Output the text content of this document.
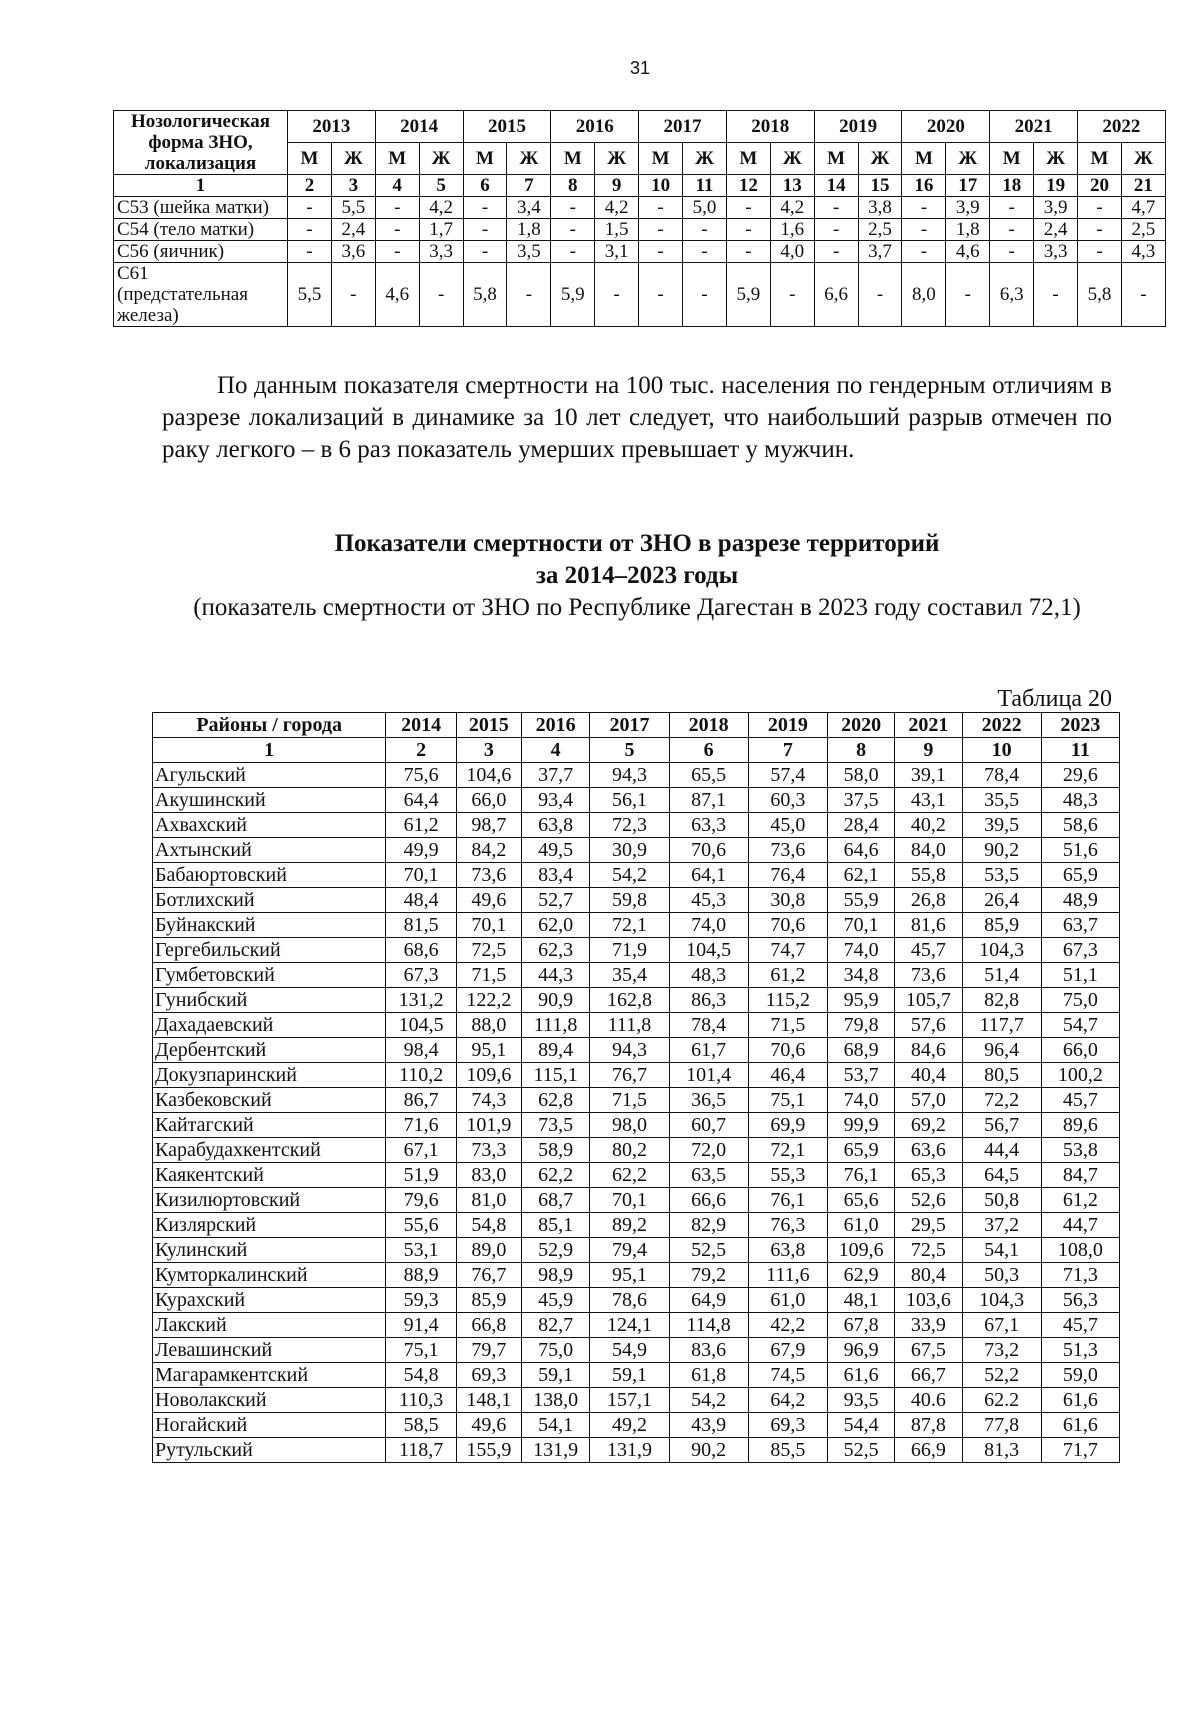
31
Нозологическая форма ЗНО, локализация	2013		2014		2015		2016		2017		2018		2019		2020		2021		2022	
	М	Ж	М	Ж	М	Ж	М	Ж	М	Ж	М	Ж	М	Ж	М	Ж	М	Ж	М	Ж
1	2	3	4	5	6	7	8	9	10	11	12	13	14	15	16	17	18	19	20	21
С53 (шейка матки)	-	5,5	-	4,2	-	3,4	-	4,2	-	5,0	-	4,2	-	3,8	-	3,9	-	3,9	-	4,7
С54 (тело матки)	-	2,4	-	1,7	-	1,8	-	1,5	-	-	-	1,6	-	2,5	-	1,8	-	2,4	-	2,5
С56 (яичник)	-	3,6	-	3,3	-	3,5	-	3,1	-	-	-	4,0	-	3,7	-	4,6	-	3,3	-	4,3
С61 (предстательная железа)	5,5	-	4,6	-	5,8	-	5,9	-	-	-	5,9	-	6,6	-	8,0	-	6,3	-	5,8	-
По данным показателя смертности на 100 тыс. населения по гендерным отличиям в разрезе локализаций в динамике за 10 лет следует, что наибольший разрыв отмечен по раку легкого – в 6 раз показатель умерших превышает у мужчин.
Показатели смертности от ЗНО в разрезе территорий
за 2014–2023 годы
(показатель смертности от ЗНО по Республике Дагестан в 2023 году составил 72,1)
Таблица 20
Районы / города	2014	2015	2016	2017	2018	2019	2020	2021	2022	2023
1	2	3	4	5	6	7	8	9	10	11
Агульский	75,6	104,6	37,7	94,3	65,5	57,4	58,0	39,1	78,4	29,6
Акушинский	64,4	66,0	93,4	56,1	87,1	60,3	37,5	43,1	35,5	48,3
Ахвахский	61,2	98,7	63,8	72,3	63,3	45,0	28,4	40,2	39,5	58,6
Ахтынский	49,9	84,2	49,5	30,9	70,6	73,6	64,6	84,0	90,2	51,6
Бабаюртовский	70,1	73,6	83,4	54,2	64,1	76,4	62,1	55,8	53,5	65,9
Ботлихский	48,4	49,6	52,7	59,8	45,3	30,8	55,9	26,8	26,4	48,9
Буйнакский	81,5	70,1	62,0	72,1	74,0	70,6	70,1	81,6	85,9	63,7
Гергебильский	68,6	72,5	62,3	71,9	104,5	74,7	74,0	45,7	104,3	67,3
Гумбетовский	67,3	71,5	44,3	35,4	48,3	61,2	34,8	73,6	51,4	51,1
Гунибский	131,2	122,2	90,9	162,8	86,3	115,2	95,9	105,7	82,8	75,0
Дахадаевский	104,5	88,0	111,8	111,8	78,4	71,5	79,8	57,6	117,7	54,7
Дербентский	98,4	95,1	89,4	94,3	61,7	70,6	68,9	84,6	96,4	66,0
Докузпаринский	110,2	109,6	115,1	76,7	101,4	46,4	53,7	40,4	80,5	100,2
Казбековский	86,7	74,3	62,8	71,5	36,5	75,1	74,0	57,0	72,2	45,7
Кайтагский	71,6	101,9	73,5	98,0	60,7	69,9	99,9	69,2	56,7	89,6
Карабудахкентский	67,1	73,3	58,9	80,2	72,0	72,1	65,9	63,6	44,4	53,8
Каякентский	51,9	83,0	62,2	62,2	63,5	55,3	76,1	65,3	64,5	84,7
Кизилюртовский	79,6	81,0	68,7	70,1	66,6	76,1	65,6	52,6	50,8	61,2
Кизлярский	55,6	54,8	85,1	89,2	82,9	76,3	61,0	29,5	37,2	44,7
Кулинский	53,1	89,0	52,9	79,4	52,5	63,8	109,6	72,5	54,1	108,0
Кумторкалинский	88,9	76,7	98,9	95,1	79,2	111,6	62,9	80,4	50,3	71,3
Курахский	59,3	85,9	45,9	78,6	64,9	61,0	48,1	103,6	104,3	56,3
Лакский	91,4	66,8	82,7	124,1	114,8	42,2	67,8	33,9	67,1	45,7
Левашинский	75,1	79,7	75,0	54,9	83,6	67,9	96,9	67,5	73,2	51,3
Магарамкентский	54,8	69,3	59,1	59,1	61,8	74,5	61,6	66,7	52,2	59,0
Новолакский	110,3	148,1	138,0	157,1	54,2	64,2	93,5	40.6	62.2	61,6
Ногайский	58,5	49,6	54,1	49,2	43,9	69,3	54,4	87,8	77,8	61,6
Рутульский	118,7	155,9	131,9	131,9	90,2	85,5	52,5	66,9	81,3	71,7
